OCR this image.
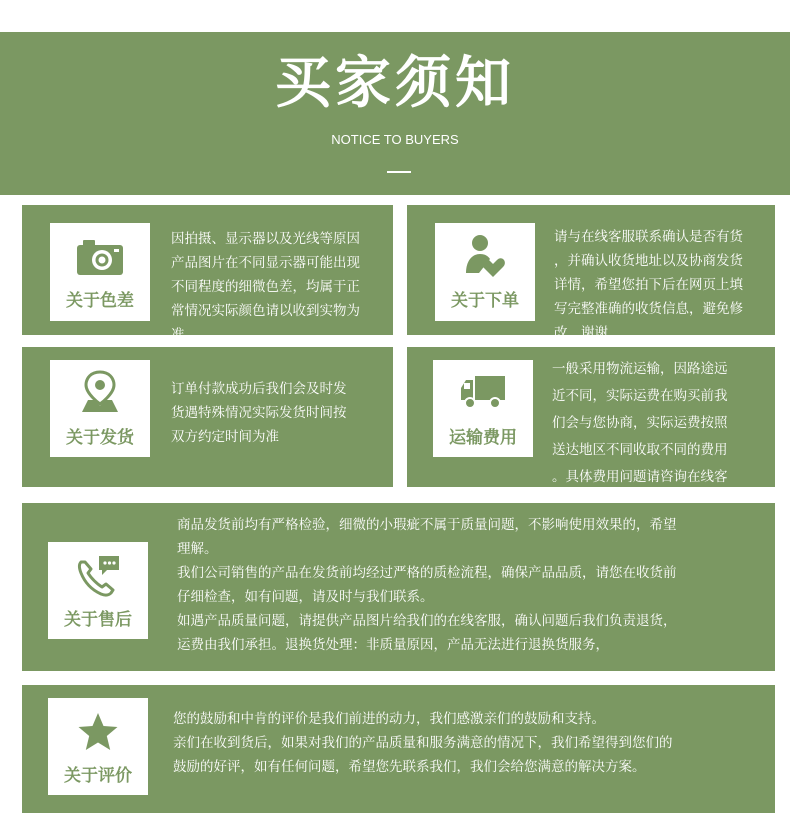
买家须知
NOTICE TO BUYERS
关于色差
因拍摄、显示器以及光线等原因
产品图片在不同显示器可能出现
不同程度的细微色差，均属于正
常情况实际颜色请以收到实物为
准。
关于下单
请与在线客服联系确认是否有货
，并确认收货地址以及协商发货
详情，希望您拍下后在网页上填
写完整准确的收货信息，避免修
改，谢谢
关于发货
订单付款成功后我们会及时发
货遇特殊情况实际发货时间按
双方约定时间为准	运输费用
一般采用物流运输，因路途远
近不同，实际运费在购买前我
们会与您协商，实际运费按照
送达地区不同收取不同的费用
。具体费用问题请咨询在线客
关于售后
商品发货前均有严格检验，细微的小瑕疵不属于质量问题，不影响使用效果的，希望
理解。
我们公司销售的产品在发货前均经过严格的质检流程，确保产品品质，请您在收货前
仔细检查，如有问题，请及时与我们联系。
如遇产品质量问题，请提供产品图片给我们的在线客服，确认问题后我们负责退货，
运费由我们承担。退换货处理：非质量原因，产品无法进行退换货服务，
关于评价
您的鼓励和中肯的评价是我们前进的动力，我们感激亲们的鼓励和支持。
亲们在收到货后，如果对我们的产品质量和服务满意的情况下，我们希望得到您们的
鼓励的好评，如有任何问题，希望您先联系我们，我们会给您满意的解决方案。
